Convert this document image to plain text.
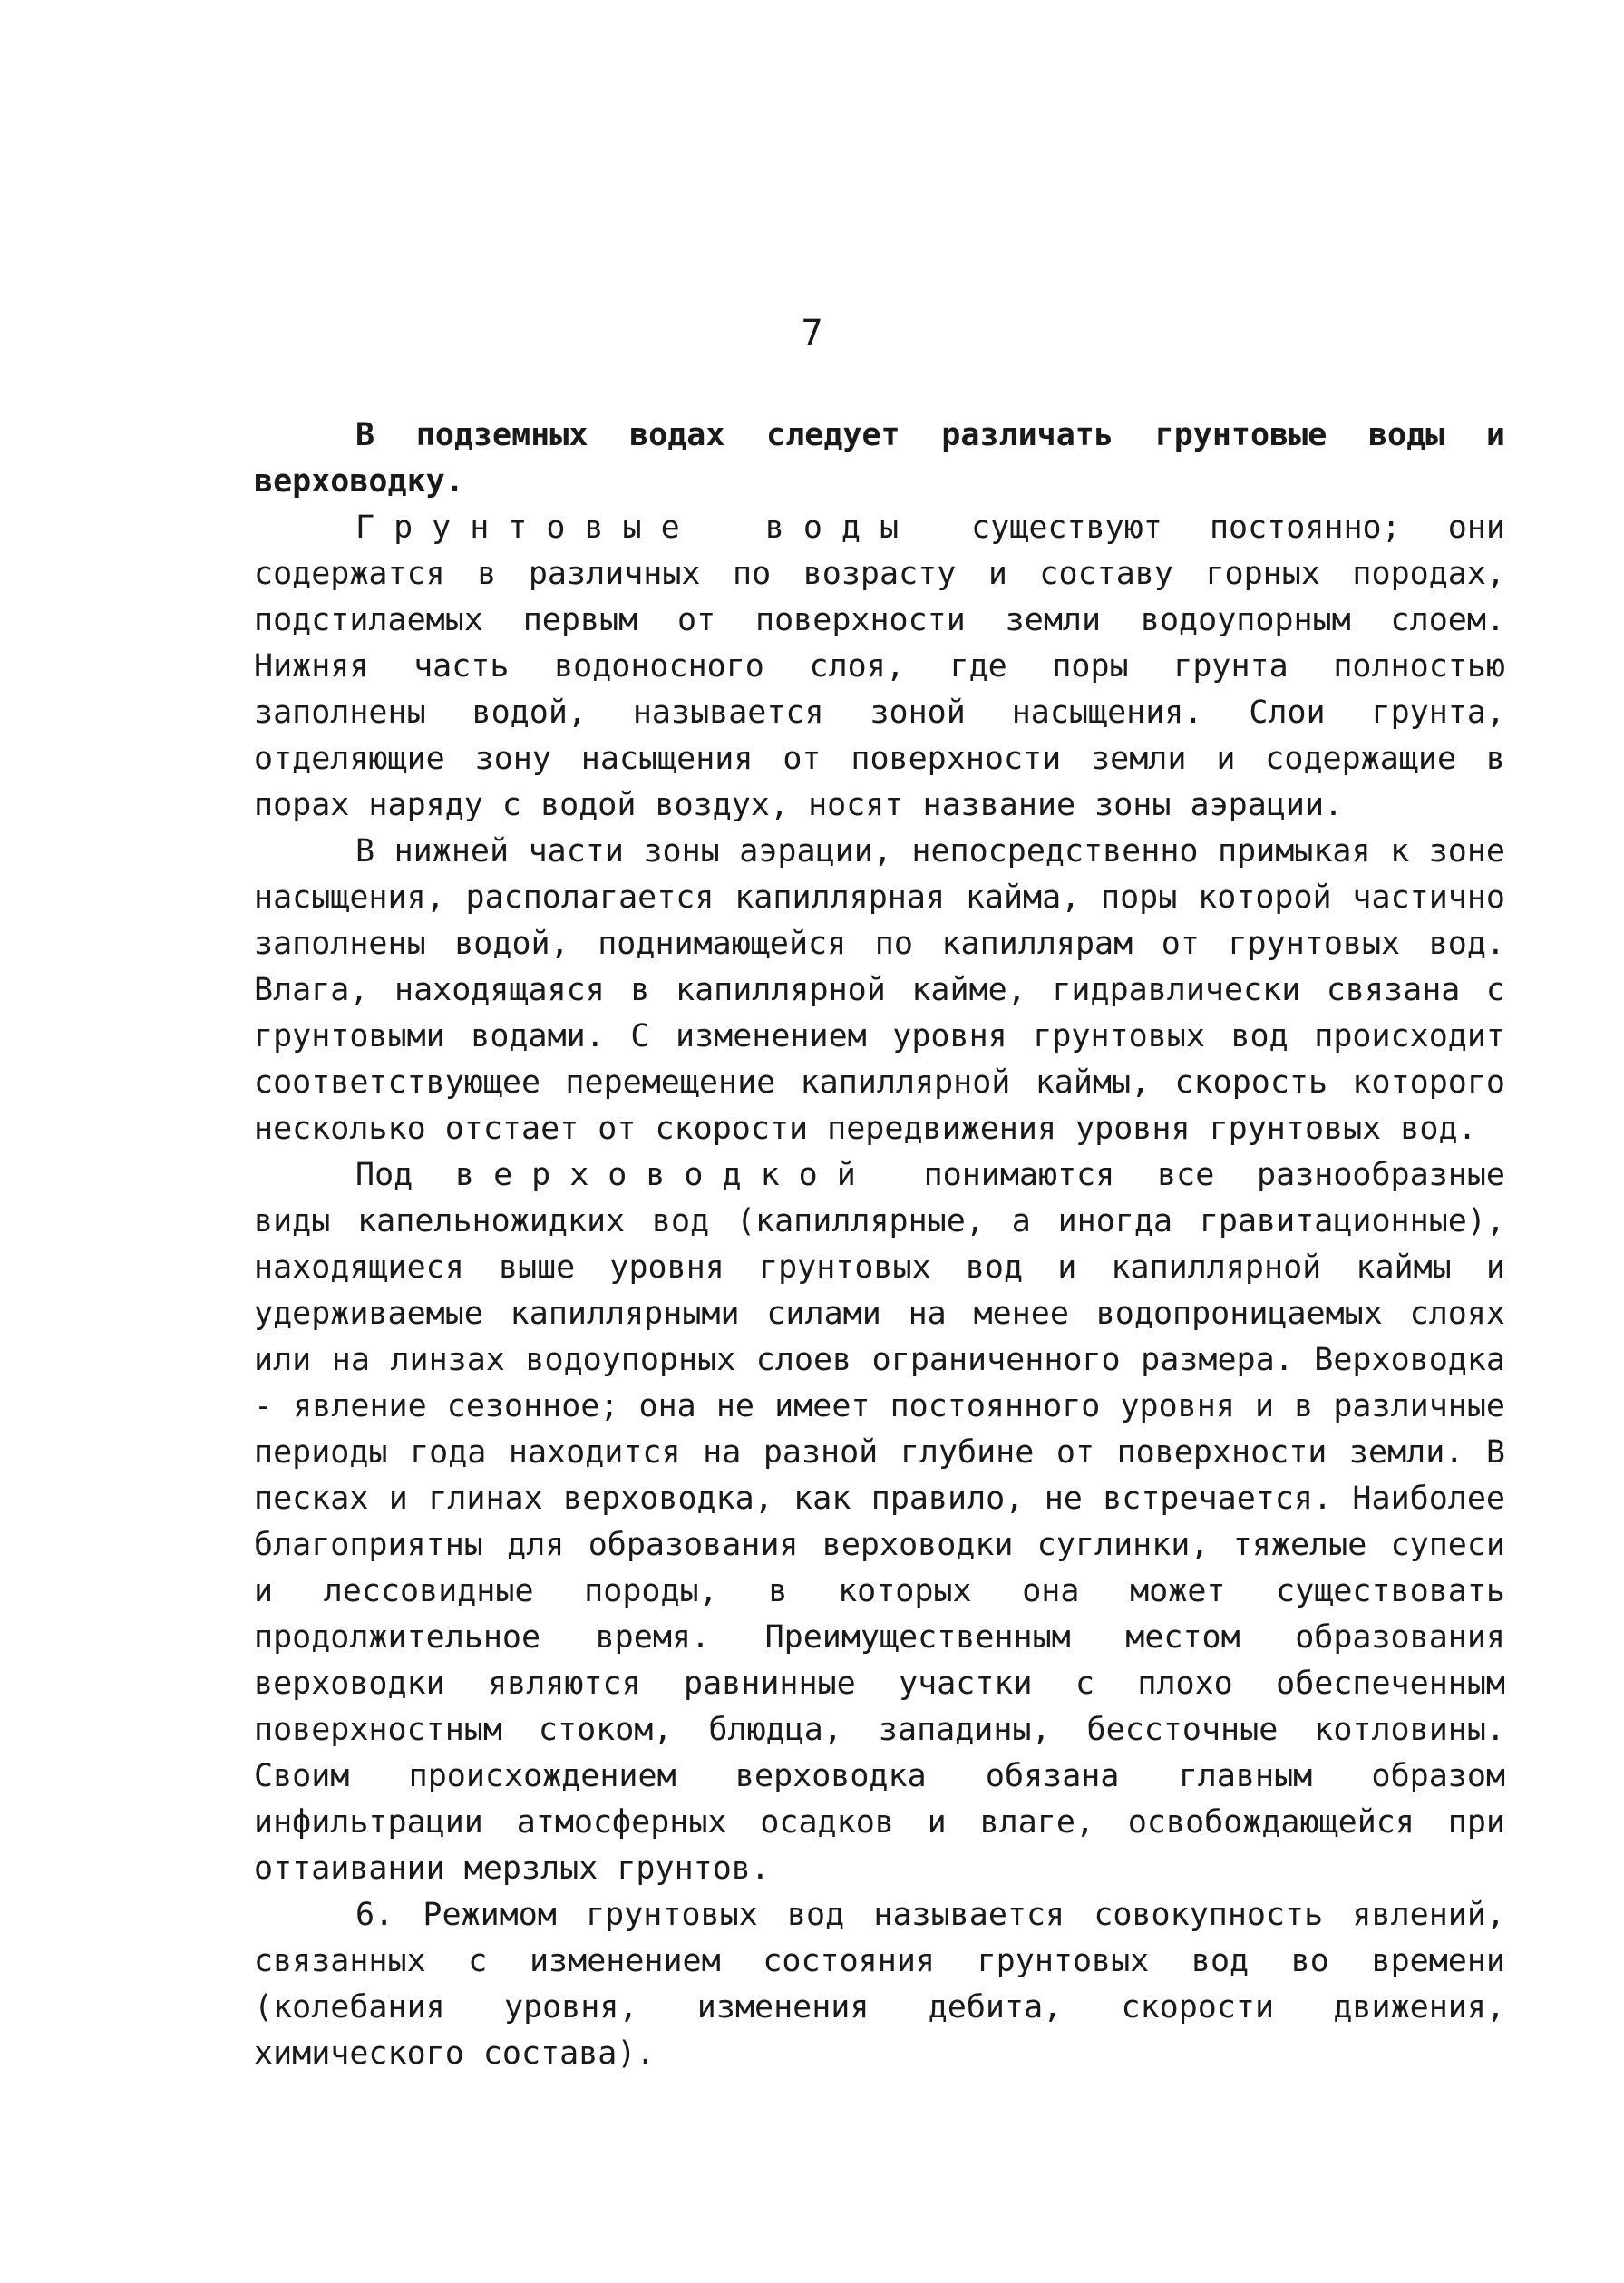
7

В подземных водах следует различать грунтовые воды и верховодку.

Грунтовые воды существуют постоянно; они содержатся в различных по возрасту и составу горных породах, подстилаемых первым от поверхности земли водоупорным слоем. Нижняя часть водоносного слоя, где поры грунта полностью заполнены водой, называется зоной насыщения. Слои грунта, отделяющие зону насыщения от поверхности земли и содержащие в порах наряду с водой воздух, носят название зоны аэрации.

В нижней части зоны аэрации, непосредственно примыкая к зоне насыщения, располагается капиллярная кайма, поры которой частично заполнены водой, поднимающейся по капиллярам от грунтовых вод. Влага, находящаяся в капиллярной кайме, гидравлически связана с грунтовыми водами. С изменением уровня грунтовых вод происходит соответствующее перемещение капиллярной каймы, скорость которого несколько отстает от скорости передвижения уровня грунтовых вод.

Под верховодкой понимаются все разнообразные виды капельножидких вод (капиллярные, а иногда гравитационные), находящиеся выше уровня грунтовых вод и капиллярной каймы и удерживаемые капиллярными силами на менее водопроницаемых слоях или на линзах водоупорных слоев ограниченного размера. Верховодка - явление сезонное; она не имеет постоянного уровня и в различные периоды года находится на разной глубине от поверхности земли. В песках и глинах верховодка, как правило, не встречается. Наиболее благоприятны для образования верховодки суглинки, тяжелые супеси и лессовидные породы, в которых она может существовать продолжительное время. Преимущественным местом образования верховодки являются равнинные участки с плохо обеспеченным поверхностным стоком, блюдца, западины, бессточные котловины. Своим происхождением верховодка обязана главным образом инфильтрации атмосферных осадков и влаге, освобождающейся при оттаивании мерзлых грунтов.

6. Режимом грунтовых вод называется совокупность явлений, связанных с изменением состояния грунтовых вод во времени (колебания уровня, изменения дебита, скорости движения, химического состава).
